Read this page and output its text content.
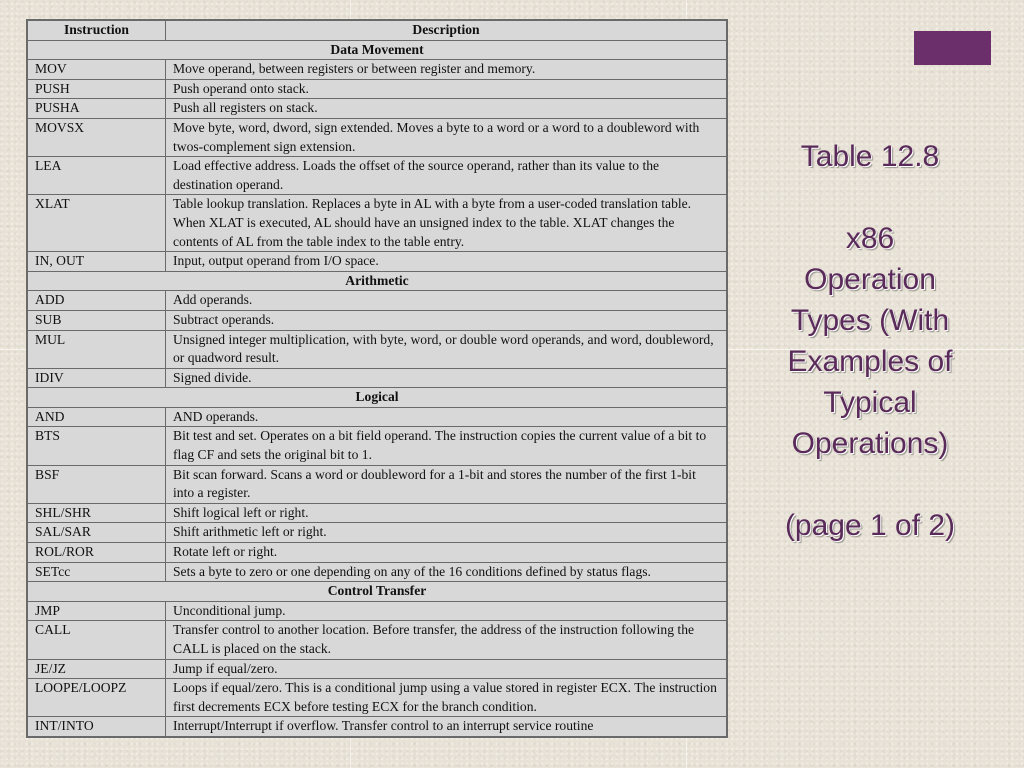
Instruction	Description
Data Movement	
MOV	Move operand, between registers or between register and memory.
PUSH	Push operand onto stack.
PUSHA	Push all registers on stack.
MOVSX	Move byte, word, dword, sign extended. Moves a byte to a word or a word to a doubleword with twos-complement sign extension.
LEA	Load effective address. Loads the offset of the source operand, rather than its value to the destination operand.
XLAT	Table lookup translation. Replaces a byte in AL with a byte from a user-coded translation table. When XLAT is executed, AL should have an unsigned index to the table. XLAT changes the contents of AL from the table index to the table entry.
IN, OUT	Input, output operand from I/O space.
Arithmetic	
ADD	Add operands.
SUB	Subtract operands.
MUL	Unsigned integer multiplication, with byte, word, or double word operands, and word, doubleword, or quadword result.
IDIV	Signed divide.
Logical	
AND	AND operands.
BTS	Bit test and set. Operates on a bit field operand. The instruction copies the current value of a bit to flag CF and sets the original bit to 1.
BSF	Bit scan forward. Scans a word or doubleword for a 1-bit and stores the number of the first 1-bit into a register.
SHL/SHR	Shift logical left or right.
SAL/SAR	Shift arithmetic left or right.
ROL/ROR	Rotate left or right.
SETcc	Sets a byte to zero or one depending on any of the 16 conditions defined by status flags.
Control Transfer	
JMP	Unconditional jump.
CALL	Transfer control to another location. Before transfer, the address of the instruction following the CALL is placed on the stack.
JE/JZ	Jump if equal/zero.
LOOPE/LOOPZ	Loops if equal/zero. This is a conditional jump using a value stored in register ECX. The instruction first decrements ECX before testing ECX for the branch condition.
INT/INTO	Interrupt/Interrupt if overflow. Transfer control to an interrupt service routine
Table 12.8
x86
Operation
Types (With
Examples of
Typical
Operations)
(page 1 of 2)
